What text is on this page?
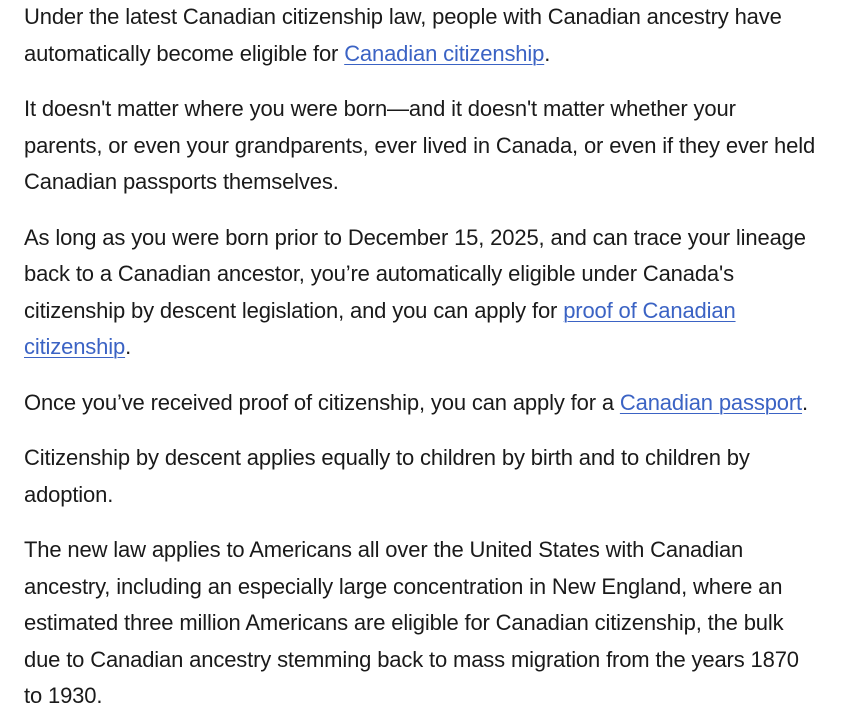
Under the latest Canadian citizenship law, people with Canadian ancestry have
automatically become eligible for Canadian citizenship.

It doesn't matter where you were born—and it doesn't matter whether your
parents, or even your grandparents, ever lived in Canada, or even if they ever held
Canadian passports themselves.

As long as you were born prior to December 15, 2025, and can trace your lineage
back to a Canadian ancestor, you’re automatically eligible under Canada's
citizenship by descent legislation, and you can apply for proof of Canadian
citizenship.

Once you’ve received proof of citizenship, you can apply for a Canadian passport.

Citizenship by descent applies equally to children by birth and to children by
adoption.

The new law applies to Americans all over the United States with Canadian
ancestry, including an especially large concentration in New England, where an
estimated three million Americans are eligible for Canadian citizenship, the bulk
due to Canadian ancestry stemming back to mass migration from the years 1870
to 1930.
